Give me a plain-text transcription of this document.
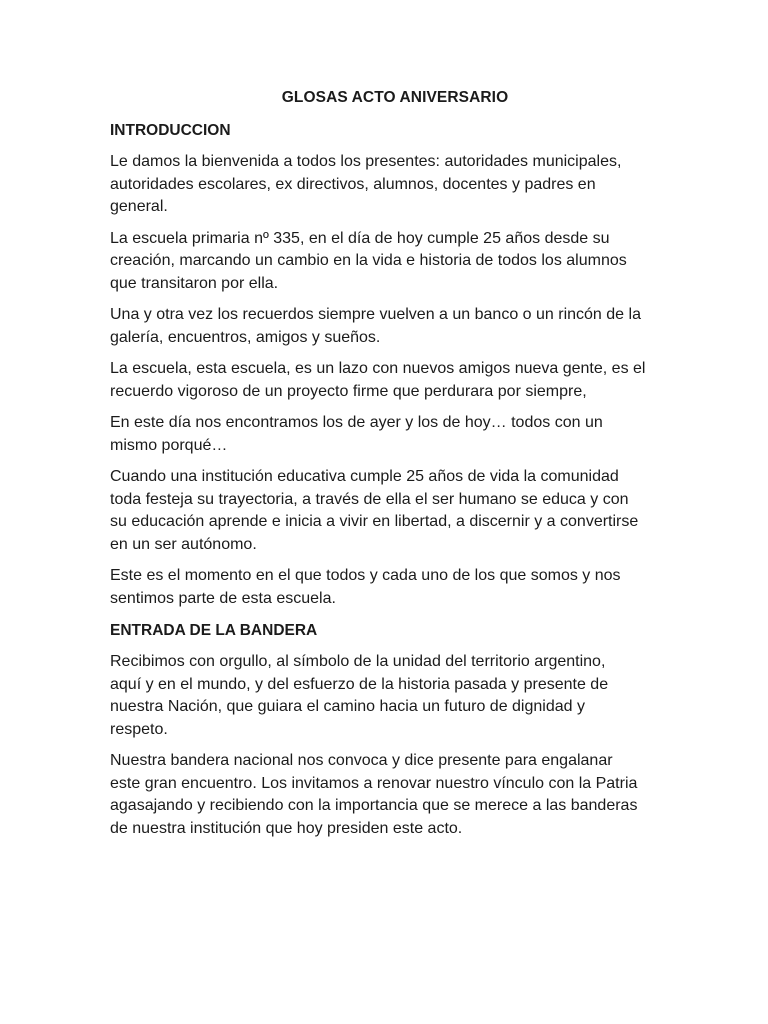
GLOSAS ACTO ANIVERSARIO
INTRODUCCION
Le damos la bienvenida a todos los presentes: autoridades municipales,
autoridades escolares, ex directivos, alumnos, docentes y padres en
general.
La escuela primaria nº 335, en el día de hoy cumple 25 años desde su
creación, marcando un cambio en la vida e historia de todos los alumnos
que transitaron por ella.
Una y otra vez los recuerdos siempre vuelven a un banco o un rincón de la
galería, encuentros, amigos y sueños.
La escuela, esta escuela, es un lazo con nuevos amigos nueva gente, es el
recuerdo vigoroso de un proyecto firme que perdurara por siempre,
En este día nos encontramos los de ayer y los de hoy… todos con un
mismo porqué…
Cuando una institución educativa cumple 25 años de vida la comunidad
toda festeja su trayectoria, a través de ella el ser humano se educa y con
su educación aprende e inicia a vivir en libertad, a discernir y a convertirse
en un ser autónomo.
Este es el momento en el que todos y cada uno de los que somos y nos
sentimos parte de esta escuela.
ENTRADA DE LA BANDERA
Recibimos con orgullo, al símbolo de la unidad del territorio argentino,
aquí y en el mundo, y del esfuerzo de la historia pasada y presente de
nuestra Nación, que guiara el camino hacia un futuro de dignidad y
respeto.
Nuestra bandera nacional nos convoca y dice presente para engalanar
este gran encuentro. Los invitamos a renovar nuestro vínculo con la Patria
agasajando y recibiendo con la importancia que se merece a las banderas
de nuestra institución que hoy presiden este acto.
